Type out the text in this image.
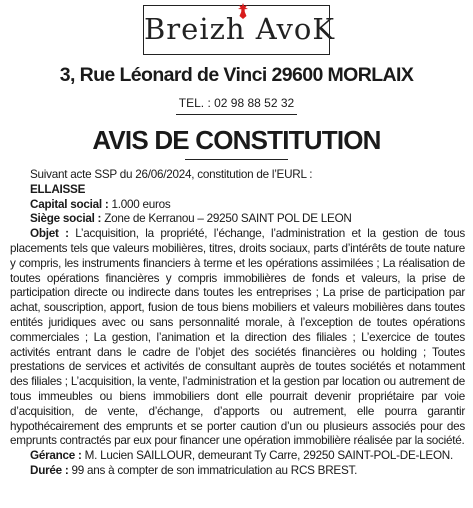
Breizh AvoK
3, Rue Léonard de Vinci 29600 MORLAIX
TEL. : 02 98 88 52 32
AVIS DE CONSTITUTION
Suivant acte SSP du 26/06/2024, constitution de l’EURL :
ELLAISSE
Capital social : 1.000 euros
Siège social : Zone de Kerranou – 29250 SAINT POL DE LEON
Objet : L’acquisition, la propriété, l’échange, l’administration et la gestion de tous placements tels que valeurs mobilières, titres, droits sociaux, parts d’intérêts de toute nature y compris, les instruments financiers à terme et les opérations assimilées ; La réalisation de toutes opérations financières y compris immobilières de fonds et valeurs, la prise de participation directe ou indirecte dans toutes les entreprises ; La prise de participation par achat, souscription, apport, fusion de tous biens mobiliers et valeurs mobilières dans toutes entités juridiques avec ou sans personnalité morale, à l’exception de toutes opérations commerciales ; La gestion, l’animation et la direction des filiales ; L’exercice de toutes activités entrant dans le cadre de l’objet des sociétés financières ou holding ; Toutes prestations de services et activités de consultant auprès de toutes sociétés et notamment des filiales ; L’acquisition, la vente, l’administration et la gestion par location ou autrement de tous immeubles ou biens immobiliers dont elle pourrait devenir propriétaire par voie d’acquisition, de vente, d’échange, d’apports ou autrement, elle pourra garantir hypothécairement des emprunts et se porter caution d’un ou plusieurs associés pour des emprunts contractés par eux pour financer une opération immobilière réalisée par la société.
Gérance : M. Lucien SAILLOUR, demeurant Ty Carre, 29250 SAINT-POL-DE-LEON.
Durée : 99 ans à compter de son immatriculation au RCS BREST.
